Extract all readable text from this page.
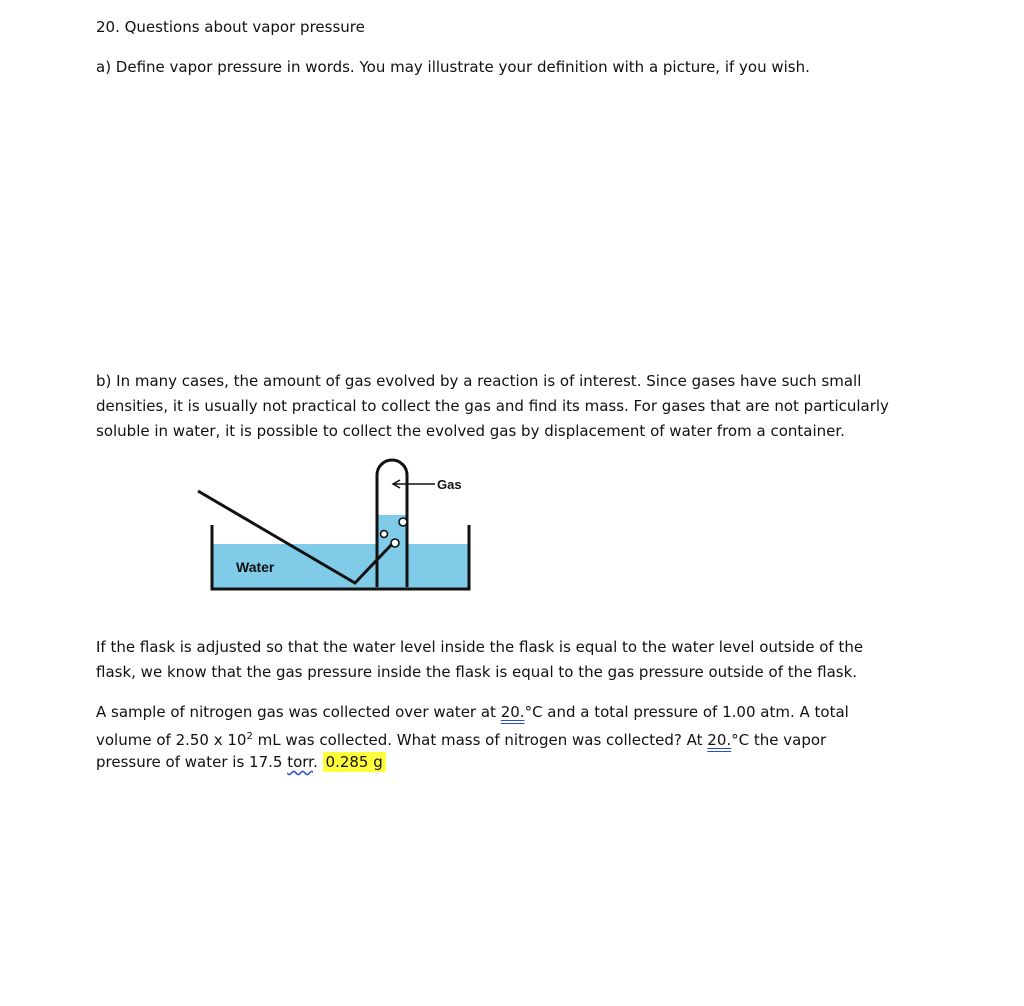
20. Questions about vapor pressure
a) Define vapor pressure in words. You may illustrate your definition with a picture, if you wish.
b) In many cases, the amount of gas evolved by a reaction is of interest. Since gases have such small
densities, it is usually not practical to collect the gas and find its mass. For gases that are not particularly
soluble in water, it is possible to collect the evolved gas by displacement of water from a container.
Gas
Water
If the flask is adjusted so that the water level inside the flask is equal to the water level outside of the
flask, we know that the gas pressure inside the flask is equal to the gas pressure outside of the flask.
A sample of nitrogen gas was collected over water at 20.°C and a total pressure of 1.00 atm. A total
volume of 2.50 x $10^2$ mL was collected. What mass of nitrogen was collected? At 20.°C the vapor
pressure of water is 17.5 torr. 0.285 g
